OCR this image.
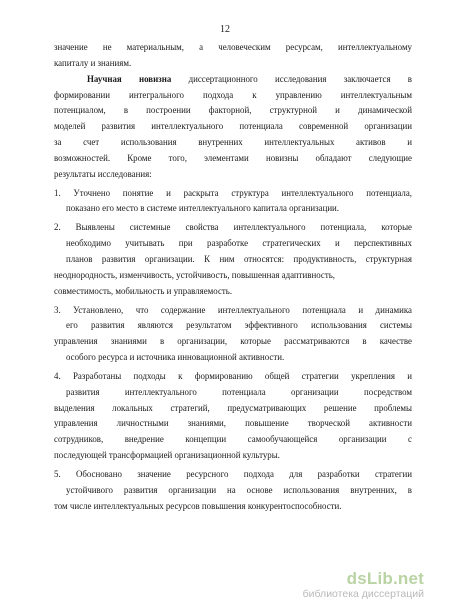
12

значение не материальным, а человеческим ресурсам, интеллектуальному
капиталу и знаниям.

Научная новизна диссертационного исследования заключается в
формировании интегрального подхода к управлению интеллектуальным
потенциалом, в построении факторной, структурной и динамической
моделей развития интеллектуального потенциала современной организации
за счет использования внутренних интеллектуальных активов и
возможностей. Кроме того, элементами новизны обладают следующие
результаты исследования:

1. Уточнено понятие и раскрыта структура интеллектуального потенциала,
показано его место в системе интеллектуального капитала организации.

2. Выявлены системные свойства интеллектуального потенциала, которые
необходимо учитывать при разработке стратегических и перспективных
планов развития организации. К ним относятся: продуктивность, структурная
неоднородность, изменчивость, устойчивость, повышенная адаптивность,
совместимость, мобильность и управляемость.

3. Установлено, что содержание интеллектуального потенциала и динамика
его развития являются результатом эффективного использования системы
управления знаниями в организации, которые рассматриваются в качестве
особого ресурса и источника инновационной активности.

4. Разработаны подходы к формированию общей стратегии укрепления и
развития интеллектуального потенциала организации посредством
выделения локальных стратегий, предусматривающих решение проблемы
управления личностными знаниями, повышение творческой активности
сотрудников, внедрение концепции самообучающейся организации с
последующей трансформацией организационной культуры.

5. Обосновано значение ресурсного подхода для разработки стратегии
устойчивого развития организации на основе использования внутренних, в
том числе интеллектуальных ресурсов повышения конкурентоспособности.

dsLib.net
библиотека диссертаций
